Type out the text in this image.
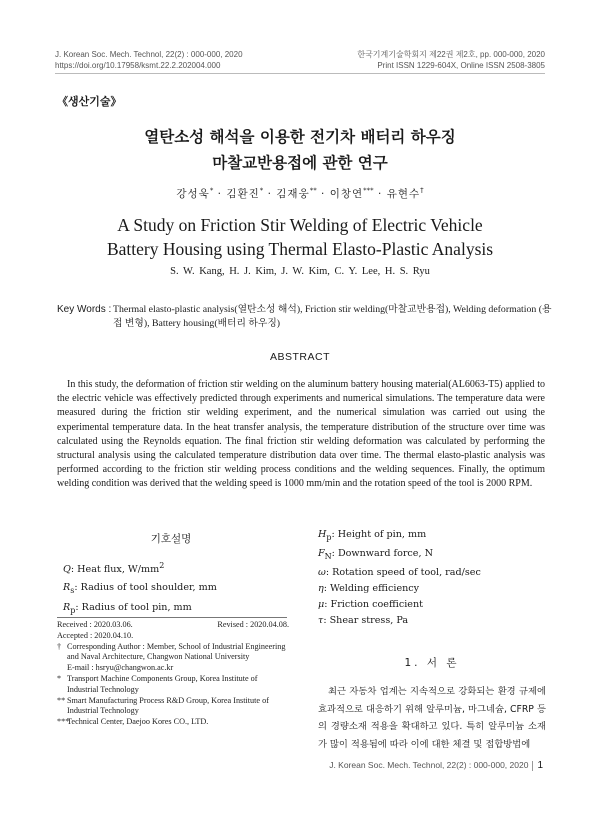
J. Korean Soc. Mech. Technol, 22(2) : 000-000, 2020
https://doi.org/10.17958/ksmt.22.2.202004.000
한국기계기술학회지 제22권 제2호, pp. 000-000, 2020
Print ISSN 1229-604X, Online ISSN 2508-3805
《생산기술》
열탄소성 해석을 이용한 전기차 배터리 하우징
마찰교반용접에 관한 연구
강성욱* · 김환진* · 김재웅** · 이창연*** · 유현수†
A Study on Friction Stir Welding of Electric Vehicle
Battery Housing using Thermal Elasto-Plastic Analysis
S. W. Kang, H. J. Kim, J. W. Kim, C. Y. Lee, H. S. Ryu
Key Words : Thermal elasto-plastic analysis(열탄소성 해석), Friction stir welding(마찰교반용접), Welding deformation (용접 변형), Battery housing(배터리 하우징)
ABSTRACT
In this study, the deformation of friction stir welding on the aluminum battery housing material(AL6063-T5) applied to the electric vehicle was effectively predicted through experiments and numerical simulations. The temperature data were measured during the friction stir welding experiment, and the numerical simulation was carried out using the experimental temperature data. In the heat transfer analysis, the temperature distribution of the structure over time was calculated using the Reynolds equation. The final friction stir welding deformation was calculated by performing the structural analysis using the calculated temperature distribution data over time. The thermal elasto-plastic analysis was performed according to the friction stir welding process conditions and the welding sequences. Finally, the optimum welding condition was derived that the welding speed is 1000 mm/min and the rotation speed of the tool is 2000 RPM.
기호설명
Q: Heat flux, $W/mm^2$
$R_s$: Radius of tool shoulder, mm
$R_p$: Radius of tool pin, mm
$H_p$: Height of pin, mm
$F_N$: Downward force, N
ω: Rotation speed of tool, rad/sec
η: Welding efficiency
μ: Friction coefficient
τ: Shear stress, Pa
Received : 2020.03.06.	Revised : 2020.04.08.
Accepted : 2020.04.10.
† Corresponding Author : Member, School of Industrial Engineering and Naval Architecture, Changwon National University
E-mail : hsryu@changwon.ac.kr
* Transport Machine Components Group, Korea Institute of Industrial Technology
** Smart Manufacturing Process R&D Group, Korea Institute of Industrial Technology
***
Technical Center, Daejoo Kores CO., LTD.
1. 서 론
최근 자동차 업계는 지속적으로 강화되는 환경 규제에 효과적으로 대응하기 위해 알루미늄, 마그네슘, CFRP 등의 경량소재 적용을 확대하고 있다. 특히 알루미늄 소재가 많이 적용됨에 따라 이에 대한 체결 및 접합방법에
J. Korean Soc. Mech. Technol, 22(2) : 000-000, 2020 1
